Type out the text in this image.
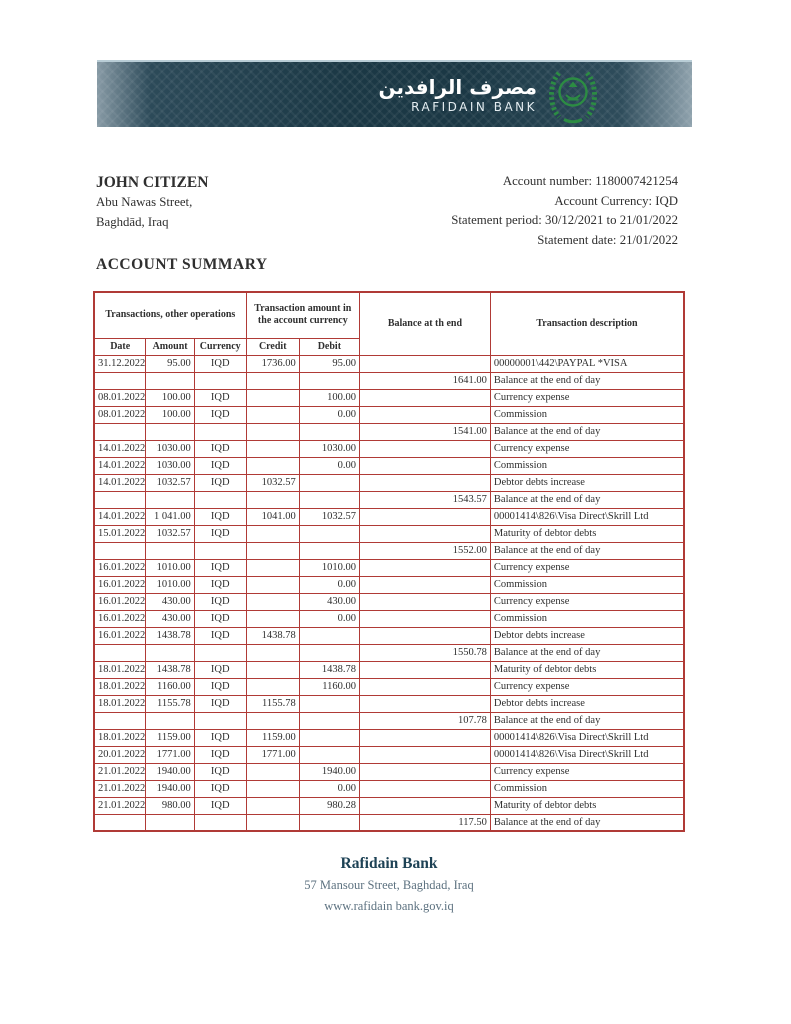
مصرف الرافدين
RAFIDAIN BANK
JOHN CITIZEN
Abu Nawas Street,
Baghdād, Iraq
Account number: 1180007421254
Account Currency: IQD
Statement period: 30/12/2021 to 21/01/2022
Statement date: 21/01/2022
ACCOUNT SUMMARY
Transactions, other operations			Transaction amount in the account currency		Balance at th end	Transaction description
Date	Amount	Currency	Credit	Debit		
31.12.2022	95.00	IQD	1736.00	95.00		00000001\442\PAYPAL *VISA
					1641.00	Balance at the end of day
08.01.2022	100.00	IQD		100.00		Currency expense
08.01.2022	100.00	IQD		0.00		Commission
					1541.00	Balance at the end of day
14.01.2022	1030.00	IQD		1030.00		Currency expense
14.01.2022	1030.00	IQD		0.00		Commission
14.01.2022	1032.57	IQD	1032.57			Debtor debts increase
					1543.57	Balance at the end of day
14.01.2022	1 041.00	IQD	1041.00	1032.57		00001414\826\Visa Direct\Skrill Ltd
15.01.2022	1032.57	IQD				Maturity of debtor debts
					1552.00	Balance at the end of day
16.01.2022	1010.00	IQD		1010.00		Currency expense
16.01.2022	1010.00	IQD		0.00		Commission
16.01.2022	430.00	IQD		430.00		Currency expense
16.01.2022	430.00	IQD		0.00		Commission
16.01.2022	1438.78	IQD	1438.78			Debtor debts increase
					1550.78	Balance at the end of day
18.01.2022	1438.78	IQD		1438.78		Maturity of debtor debts
18.01.2022	1160.00	IQD		1160.00		Currency expense
18.01.2022	1155.78	IQD	1155.78			Debtor debts increase
					107.78	Balance at the end of day
18.01.2022	1159.00	IQD	1159.00			00001414\826\Visa Direct\Skrill Ltd
20.01.2022	1771.00	IQD	1771.00			00001414\826\Visa Direct\Skrill Ltd
21.01.2022	1940.00	IQD		1940.00		Currency expense
21.01.2022	1940.00	IQD		0.00		Commission
21.01.2022	980.00	IQD		980.28		Maturity of debtor debts
					117.50	Balance at the end of day
Rafidain Bank
57 Mansour Street, Baghdad, Iraq
www.rafidain bank.gov.iq
